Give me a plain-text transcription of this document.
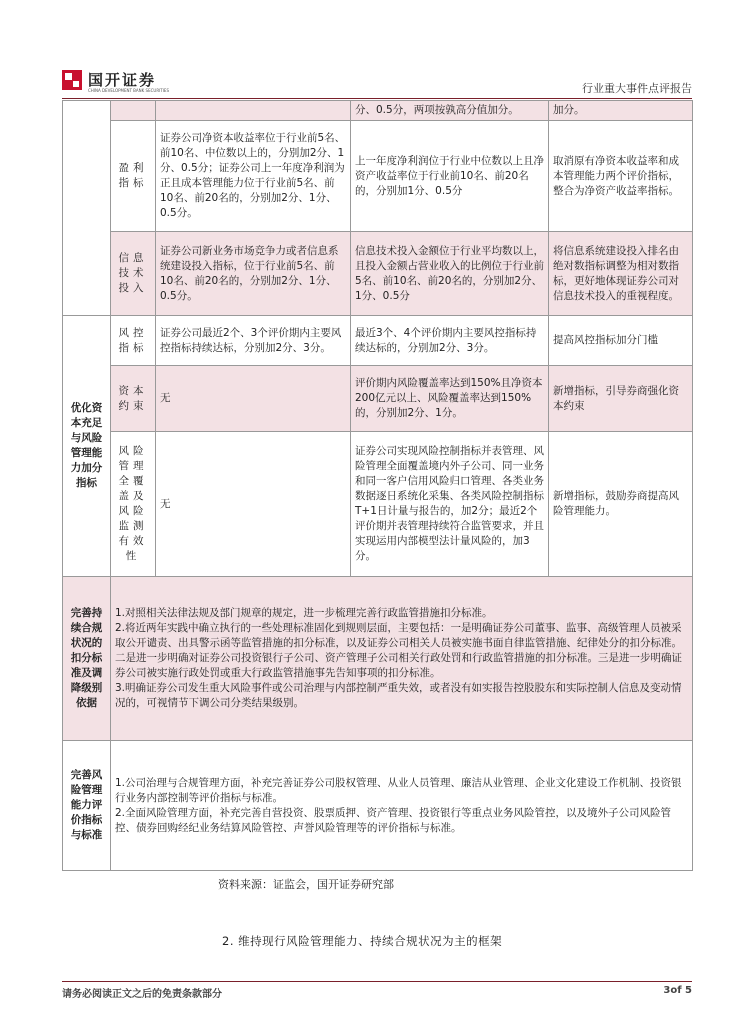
国开证券
CHINA DEVELOPMENT BANK SECURITIES	行业重大事件点评报告
			分、0.5分，两项按孰高分值加分。	加分。
	盈利指标	证券公司净资本收益率位于行业前5名、前10名、中位数以上的，分别加2分、1分、0.5分；证券公司上一年度净利润为正且成本管理能力位于行业前5名、前10名、前20名的，分别加2分、1分、0.5分。	上一年度净利润位于行业中位数以上且净资产收益率位于行业前10名、前20名的，分别加1分、0.5分	取消原有净资本收益率和成本管理能力两个评价指标，整合为净资产收益率指标。
	信息技术投入	证券公司新业务市场竞争力或者信息系统建设投入指标，位于行业前5名、前10名、前20名的，分别加2分、1分、0.5分。	信息技术投入金额位于行业平均数以上，且投入金额占营业收入的比例位于行业前5名、前10名、前20名的，分别加2分、1分、0.5分	将信息系统建设投入排名由绝对数指标调整为相对数指标，更好地体现证券公司对信息技术投入的重视程度。
优化资本充足与风险管理能力加分指标	风控指标	证券公司最近2个、3个评价期内主要风控指标持续达标，分别加2分、3分。	最近3个、4个评价期内主要风控指标持续达标的，分别加2分、3分。	提高风控指标加分门槛
	资本约束	无	评价期内风险覆盖率达到150%且净资本200亿元以上、风险覆盖率达到150%的，分别加2分、1分。	新增指标，引导券商强化资本约束
	风险管理全覆盖及风险监测有效性	无	证券公司实现风险控制指标并表管理、风险管理全面覆盖境内外子公司、同一业务和同一客户信用风险归口管理、各类业务数据逐日系统化采集、各类风险控制指标T+1日计量与报告的，加2分；最近2个评价期并表管理持续符合监管要求，并且实现运用内部模型法计量风险的，加3分。	新增指标，鼓励券商提高风险管理能力。
完善持续合规状况的扣分标准及调降级别依据	1.对照相关法律法规及部门规章的规定，进一步梳理完善行政监管措施扣分标准。
2.将近两年实践中确立执行的一些处理标准固化到规则层面，主要包括：一是明确证券公司董事、监事、高级管理人员被采取公开谴责、出具警示函等监管措施的扣分标准，以及证券公司相关人员被实施书面自律监管措施、纪律处分的扣分标准。二是进一步明确对证券公司投资银行子公司、资产管理子公司相关行政处罚和行政监管措施的扣分标准。三是进一步明确证券公司被实施行政处罚或重大行政监管措施事先告知事项的扣分标准。
3.明确证券公司发生重大风险事件或公司治理与内部控制严重失效，或者没有如实报告控股股东和实际控制人信息及变动情况的，可视情节下调公司分类结果级别。			

完善风险管理能力评价指标与标准	1.公司治理与合规管理方面，补充完善证券公司股权管理、从业人员管理、廉洁从业管理、企业文化建设工作机制、投资银行业务内部控制等评价指标与标准。
2.全面风险管理方面，补充完善自营投资、股票质押、资产管理、投资银行等重点业务风险管控，以及境外子公司风险管控、债券回购经纪业务结算风险管控、声誉风险管理等的评价指标与标准。			
资料来源：证监会，国开证券研究部
2. 维持现行风险管理能力、持续合规状况为主的框架
请务必阅读正文之后的免责条款部分	3of 5
